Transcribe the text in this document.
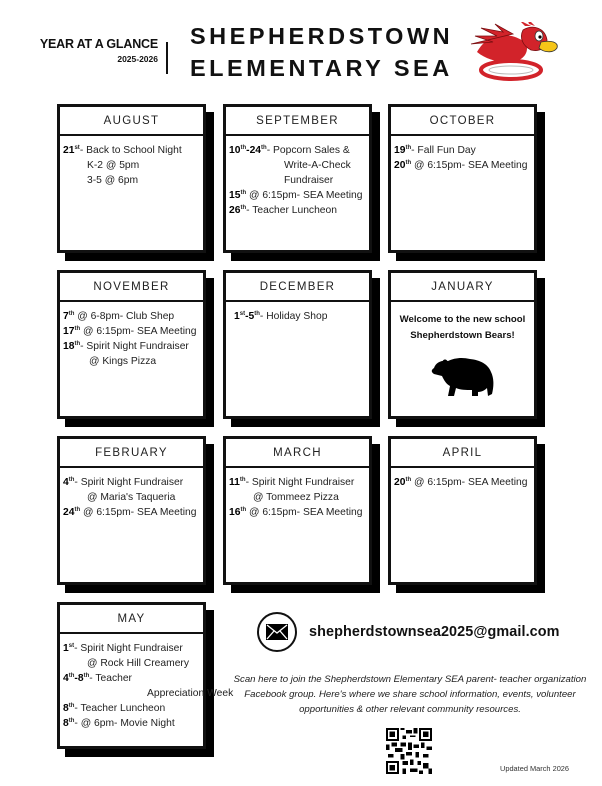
YEAR AT A GLANCE
2025-2026
SHEPHERDSTOWN
ELEMENTARY SEA
AUGUST
21st- Back to School Night
K-2 @ 5pm
3-5 @ 6pm
SEPTEMBER
10th-24th- Popcorn Sales &
Write-A-Check
Fundraiser
15th @ 6:15pm- SEA Meeting
26th- Teacher Luncheon
OCTOBER
19th- Fall Fun Day
20th @ 6:15pm- SEA Meeting
NOVEMBER
7th @ 6-8pm- Club Shep
17th @ 6:15pm- SEA Meeting
18th- Spirit Night Fundraiser
@ Kings Pizza
DECEMBER
1st-5th- Holiday Shop
JANUARY
Welcome to the new school
Shepherdstown Bears!
FEBRUARY
4th- Spirit Night Fundraiser
@ Maria's Taqueria
24th @ 6:15pm- SEA Meeting
MARCH
11th- Spirit Night Fundraiser
@ Tommeez Pizza
16th @ 6:15pm- SEA Meeting
APRIL
20th @ 6:15pm- SEA Meeting
MAY
1st- Spirit Night Fundraiser
@ Rock Hill Creamery
4th-8th- Teacher
Appreciation Week
8th- Teacher Luncheon
8th- @ 6pm- Movie Night
shepherdstownsea2025@gmail.com
Scan here to join the Shepherdstown Elementary SEA parent- teacher organization Facebook group. Here's where we share school information, events, volunteer opportunities & other relevant community resources.
Updated March 2026
